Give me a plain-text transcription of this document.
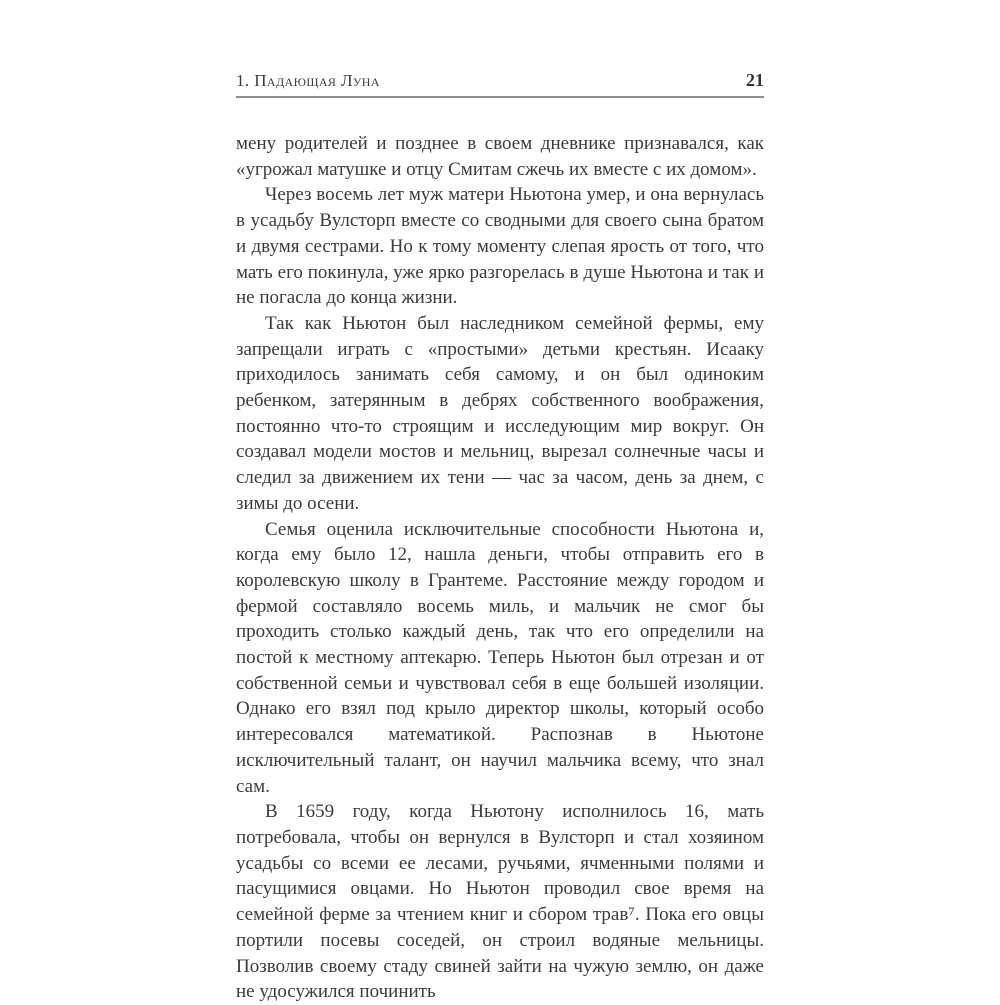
1. Падающая Луна	21

мену родителей и позднее в своем дневнике признавался, как «угрожал матушке и отцу Смитам сжечь их вместе с их домом».

Через восемь лет муж матери Ньютона умер, и она вернулась в усадьбу Вулсторп вместе со сводными для своего сына братом и двумя сестрами. Но к тому моменту слепая ярость от того, что мать его покинула, уже ярко разгорелась в душе Ньютона и так и не погасла до конца жизни.

Так как Ньютон был наследником семейной фермы, ему запрещали играть с «простыми» детьми крестьян. Исааку приходилось занимать себя самому, и он был одиноким ребенком, затерянным в дебрях собственного воображения, постоянно что-то строящим и исследующим мир вокруг. Он создавал модели мостов и мельниц, вырезал солнечные часы и следил за движением их тени — час за часом, день за днем, с зимы до осени.

Семья оценила исключительные способности Ньютона и, когда ему было 12, нашла деньги, чтобы отправить его в королевскую школу в Грантеме. Расстояние между городом и фермой составляло восемь миль, и мальчик не смог бы проходить столько каждый день, так что его определили на постой к местному аптекарю. Теперь Ньютон был отрезан и от собственной семьи и чувствовал себя в еще большей изоляции. Однако его взял под крыло директор школы, который особо интересовался математикой. Распознав в Ньютоне исключительный талант, он научил мальчика всему, что знал сам.

В 1659 году, когда Ньютону исполнилось 16, мать потребовала, чтобы он вернулся в Вулсторп и стал хозяином усадьбы со всеми ее лесами, ручьями, ячменными полями и пасущимися овцами. Но Ньютон проводил свое время на семейной ферме за чтением книг и сбором трав⁷. Пока его овцы портили посевы соседей, он строил водяные мельницы. Позволив своему стаду свиней зайти на чужую землю, он даже не удосужился починить
